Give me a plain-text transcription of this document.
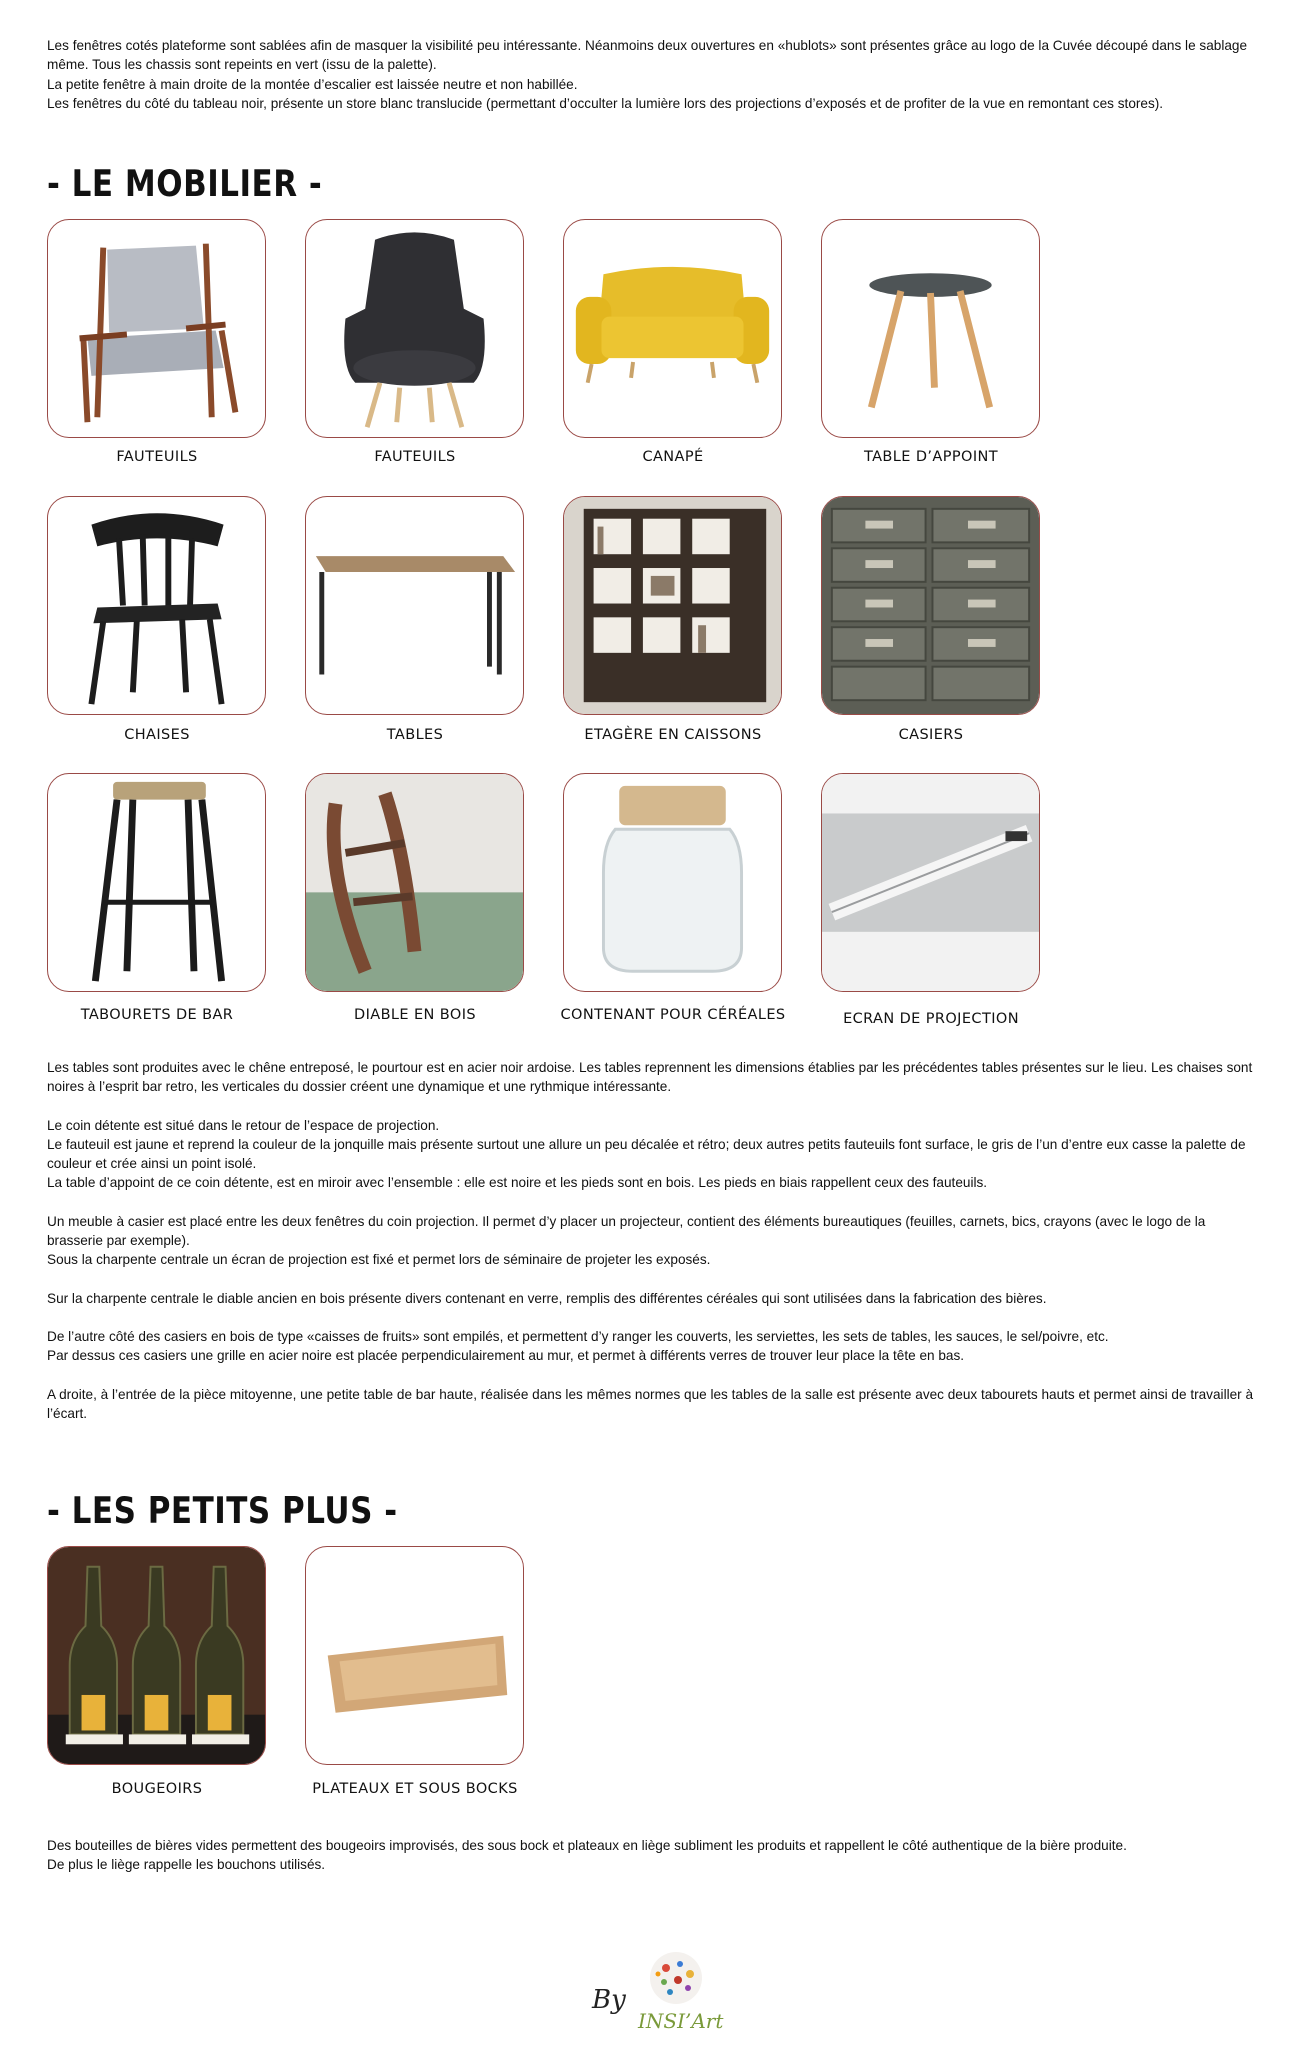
Les fenêtres cotés plateforme sont sablées afin de masquer la visibilité peu intéressante. Néanmoins deux ouvertures en «hublots» sont présentes grâce au logo de la Cuvée découpé dans le sablage même. Tous les chassis sont repeints en vert (issu de la palette).

La petite fenêtre à main droite de la montée d’escalier est laissée neutre et non habillée.

Les fenêtres du côté du tableau noir, présente un store blanc translucide (permettant d’occulter la lumière lors des projections d’exposés et de profiter de la vue en remontant ces stores).

- LE MOBILIER -
FAUTEUILS	FAUTEUILS	CANAPÉ	TABLE D’APPOINT
CHAISES	TABLES	ETAGÈRE EN CAISSONS	CASIERS
TABOURETS DE BAR	DIABLE EN BOIS	CONTENANT POUR CÉRÉALES	ECRAN DE PROJECTION

Les tables sont produites avec le chêne entreposé, le pourtour est en acier noir ardoise. Les tables reprennent les dimensions établies par les précédentes tables présentes sur le lieu. Les chaises sont noires à l’esprit bar retro, les verticales du dossier créent une dynamique et une rythmique intéressante.

Le coin détente est situé dans le retour de l’espace de projection.

Le fauteuil est jaune et reprend la couleur de la jonquille mais présente surtout une allure un peu décalée et rétro; deux autres petits fauteuils font surface, le gris de l’un d’entre eux casse la palette de couleur et crée ainsi un point isolé.

La table d’appoint de ce coin détente, est en miroir avec l’ensemble : elle est noire et les pieds sont en bois. Les pieds en biais rappellent ceux des fauteuils.

Un meuble à casier est placé entre les deux fenêtres du coin projection. Il permet d’y placer un projecteur, contient des éléments bureautiques (feuilles, carnets, bics, crayons (avec le logo de la brasserie par exemple).

Sous la charpente centrale un écran de projection est fixé et permet lors de séminaire de projeter les exposés.

Sur la charpente centrale le diable ancien en bois présente divers contenant en verre, remplis des différentes céréales qui sont utilisées dans la fabrication des bières.

De l’autre côté des casiers en bois de type «caisses de fruits» sont empilés, et permettent d’y ranger les couverts, les serviettes, les sets de tables, les sauces, le sel/poivre, etc.

Par dessus ces casiers une grille en acier noire est placée perpendiculairement au mur, et permet à différents verres de trouver leur place la tête en bas.

A droite, à l’entrée de la pièce mitoyenne, une petite table de bar haute, réalisée dans les mêmes normes que les tables de la salle est présente avec deux tabourets hauts et permet ainsi de travailler à l’écart.

- LES PETITS PLUS -
BOUGEOIRS	PLATEAUX ET SOUS BOCKS

Des bouteilles de bières vides permettent des bougeoirs improvisés, des sous bock et plateaux en liège subliment les produits et rappellent le côté authentique de la bière produite.

De plus le liège rappelle les bouchons utilisés.

By
INSI’Art
